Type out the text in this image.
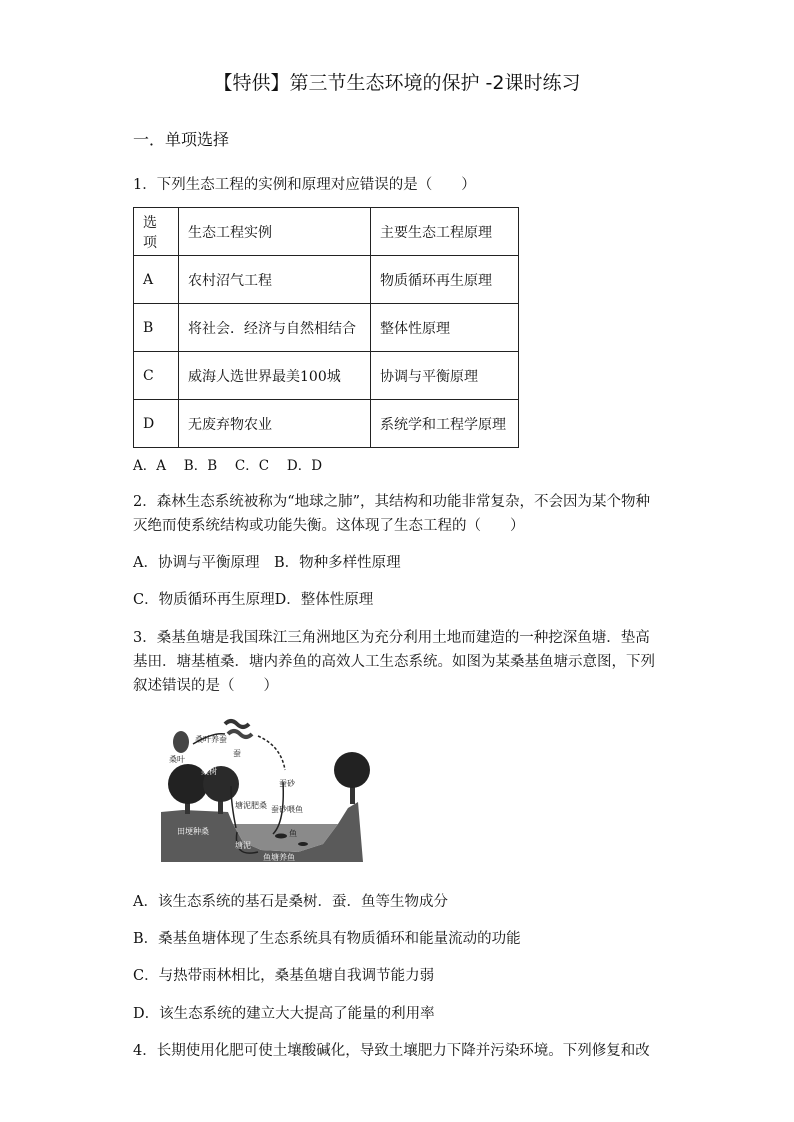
【特供】第三节生态环境的保护 -2课时练习
一．单项选择
1．下列生态工程的实例和原理对应错误的是（　　）
选项	生态工程实例	主要生态工程原理
A	农村沼气工程	物质循环再生原理
B	将社会．经济与自然相结合	整体性原理
C	威海人选世界最美100城	协调与平衡原理
D	无废弃物农业	系统学和工程学原理
A．A　 B．B　 C．C　 D．D
2．森林生态系统被称为“地球之肺”，其结构和功能非常复杂，不会因为某个物种
灭绝而使系统结构或功能失衡。这体现了生态工程的（　　）
A．协调与平衡原理　B．物种多样性原理
C．物质循环再生原理D．整体性原理
3．桑基鱼塘是我国珠江三角洲地区为充分利用土地而建造的一种挖深鱼塘．垫高
基田．塘基植桑．塘内养鱼的高效人工生态系统。如图为某桑基鱼塘示意图，下列
叙述错误的是（　　）
桑叶
桑叶养蚕
蚕
桑树
蚕砂
蚕砂喂鱼
塘泥肥桑
鱼
田埂种桑
鱼塘养鱼
塘泥
A．该生态系统的基石是桑树．蚕．鱼等生物成分
B．桑基鱼塘体现了生态系统具有物质循环和能量流动的功能
C．与热带雨林相比，桑基鱼塘自我调节能力弱
D．该生态系统的建立大大提高了能量的利用率
4．长期使用化肥可使土壤酸碱化，导致土壤肥力下降并污染环境。下列修复和改
